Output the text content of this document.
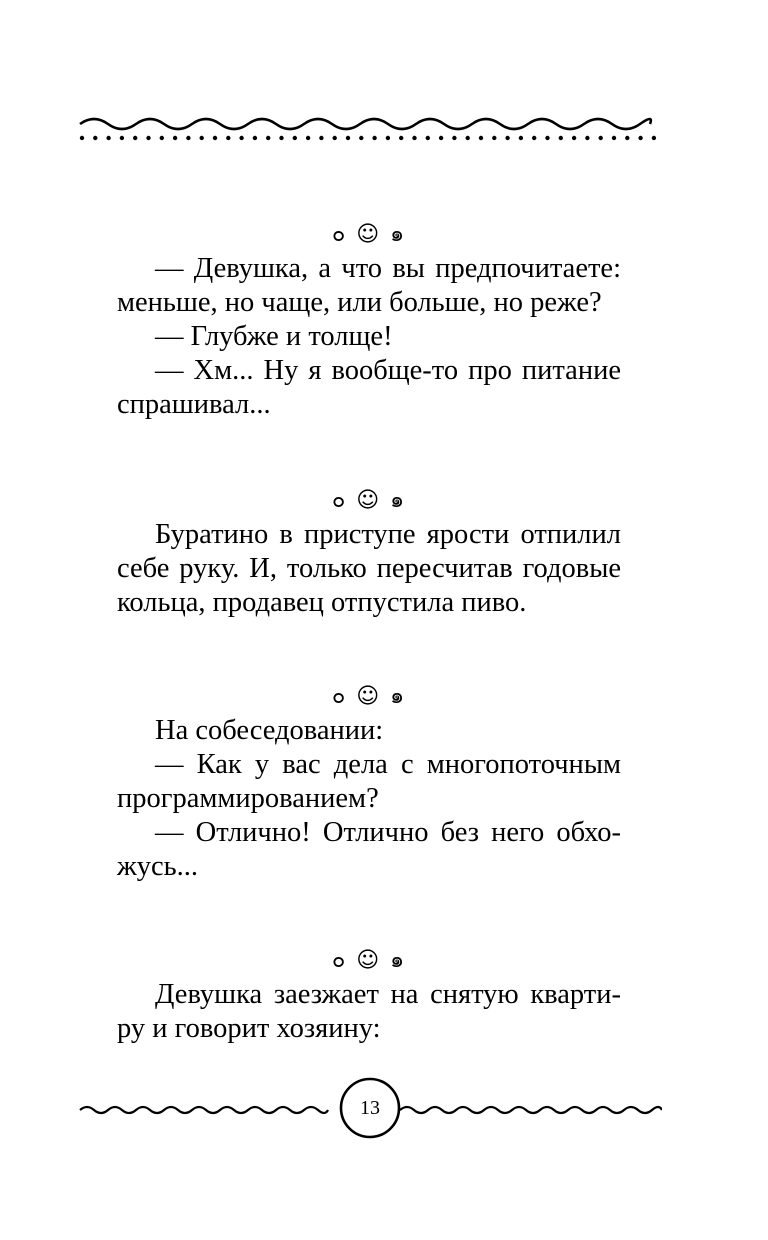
๐ ☺ ๑

— Девушка, а что вы предпочитаете: меньше, но чаще, или больше, но реже?

— Глубже и толще!

— Хм... Ну я вообще-то про питание спрашивал...

๐ ☺ ๑

Буратино в приступе ярости отпилил себе руку. И, только пересчитав годовые кольца, продавец отпустила пиво.

๐ ☺ ๑

На собеседовании:

— Как у вас дела с многопоточным программированием?

— Отлично! Отлично без него обхожусь...

๐ ☺ ๑

Девушка заезжает на снятую квартиру и говорит хозяину:

13
